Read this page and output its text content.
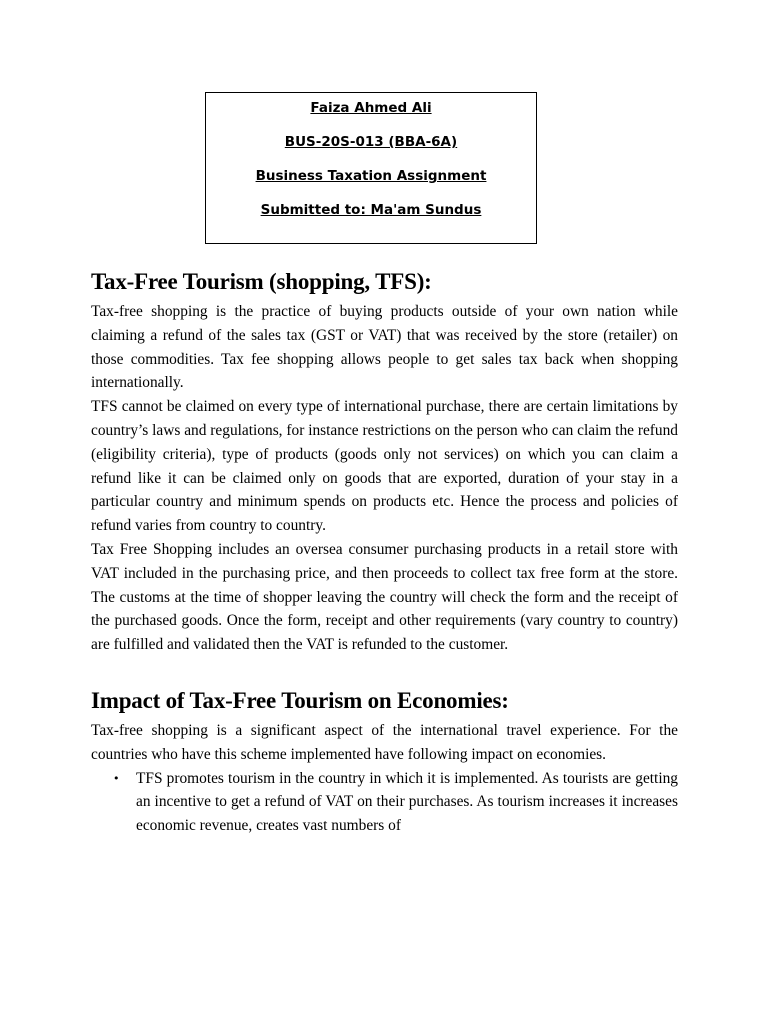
Faiza Ahmed Ali
BUS-20S-013 (BBA-6A)
Business Taxation Assignment
Submitted to: Ma'am Sundus
Tax-Free Tourism (shopping, TFS):

Tax-free shopping is the practice of buying products outside of your own nation while claiming a refund of the sales tax (GST or VAT) that was received by the store (retailer) on those commodities. Tax fee shopping allows people to get sales tax back when shopping internationally.

TFS cannot be claimed on every type of international purchase, there are certain limitations by country’s laws and regulations, for instance restrictions on the person who can claim the refund (eligibility criteria), type of products (goods only not services) on which you can claim a refund like it can be claimed only on goods that are exported, duration of your stay in a particular country and minimum spends on products etc. Hence the process and policies of refund varies from country to country.

Tax Free Shopping includes an oversea consumer purchasing products in a retail store with VAT included in the purchasing price, and then proceeds to collect tax free form at the store. The customs at the time of shopper leaving the country will check the form and the receipt of the purchased goods. Once the form, receipt and other requirements (vary country to country) are fulfilled and validated then the VAT is refunded to the customer.

Impact of Tax-Free Tourism on Economies:

Tax-free shopping is a significant aspect of the international travel experience. For the countries who have this scheme implemented have following impact on economies.

• TFS promotes tourism in the country in which it is implemented. As tourists are getting an incentive to get a refund of VAT on their purchases. As tourism increases it increases economic revenue, creates vast numbers of
